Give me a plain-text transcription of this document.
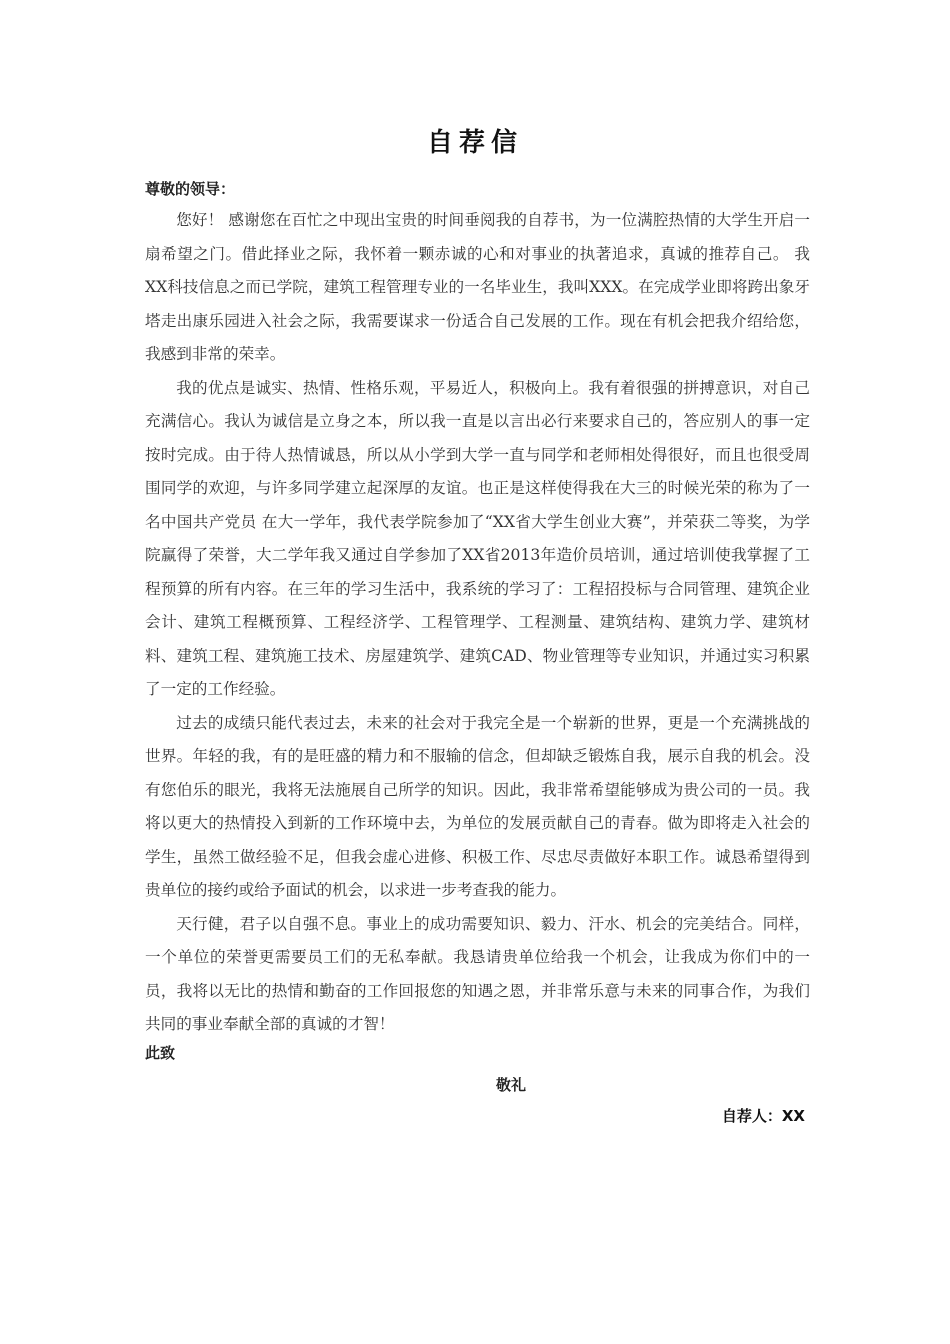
自荐信
尊敬的领导：

您好！ 感谢您在百忙之中现出宝贵的时间垂阅我的自荐书，为一位满腔热情的大学生开启一扇希望之门。借此择业之际，我怀着一颗赤诚的心和对事业的执著追求，真诚的推荐自己。 我XX科技信息之而已学院，建筑工程管理专业的一名毕业生，我叫XXX。在完成学业即将跨出象牙塔走出康乐园进入社会之际，我需要谋求一份适合自己发展的工作。现在有机会把我介绍给您，我感到非常的荣幸。

我的优点是诚实、热情、性格乐观，平易近人，积极向上。我有着很强的拼搏意识，对自己充满信心。我认为诚信是立身之本，所以我一直是以言出必行来要求自己的，答应别人的事一定按时完成。由于待人热情诚恳，所以从小学到大学一直与同学和老师相处得很好，而且也很受周围同学的欢迎，与许多同学建立起深厚的友谊。也正是这样使得我在大三的时候光荣的称为了一名中国共产党员 在大一学年，我代表学院参加了“XX省大学生创业大赛”，并荣获二等奖，为学院赢得了荣誉，大二学年我又通过自学参加了XX省2013年造价员培训，通过培训使我掌握了工程预算的所有内容。在三年的学习生活中，我系统的学习了：工程招投标与合同管理、建筑企业会计、建筑工程概预算、工程经济学、工程管理学、工程测量、建筑结构、建筑力学、建筑材料、建筑工程、建筑施工技术、房屋建筑学、建筑CAD、物业管理等专业知识，并通过实习积累了一定的工作经验。

过去的成绩只能代表过去，未来的社会对于我完全是一个崭新的世界，更是一个充满挑战的世界。年轻的我，有的是旺盛的精力和不服输的信念，但却缺乏锻炼自我，展示自我的机会。没有您伯乐的眼光，我将无法施展自己所学的知识。因此，我非常希望能够成为贵公司的一员。我将以更大的热情投入到新的工作环境中去，为单位的发展贡献自己的青春。做为即将走入社会的学生，虽然工做经验不足，但我会虚心进修、积极工作、尽忠尽责做好本职工作。诚恳希望得到贵单位的接约或给予面试的机会，以求进一步考查我的能力。

天行健，君子以自强不息。事业上的成功需要知识、毅力、汗水、机会的完美结合。同样，一个单位的荣誉更需要员工们的无私奉献。我恳请贵单位给我一个机会，让我成为你们中的一员，我将以无比的热情和勤奋的工作回报您的知遇之恩，并非常乐意与未来的同事合作，为我们共同的事业奉献全部的真诚的才智！

此致
敬礼
自荐人：XX
